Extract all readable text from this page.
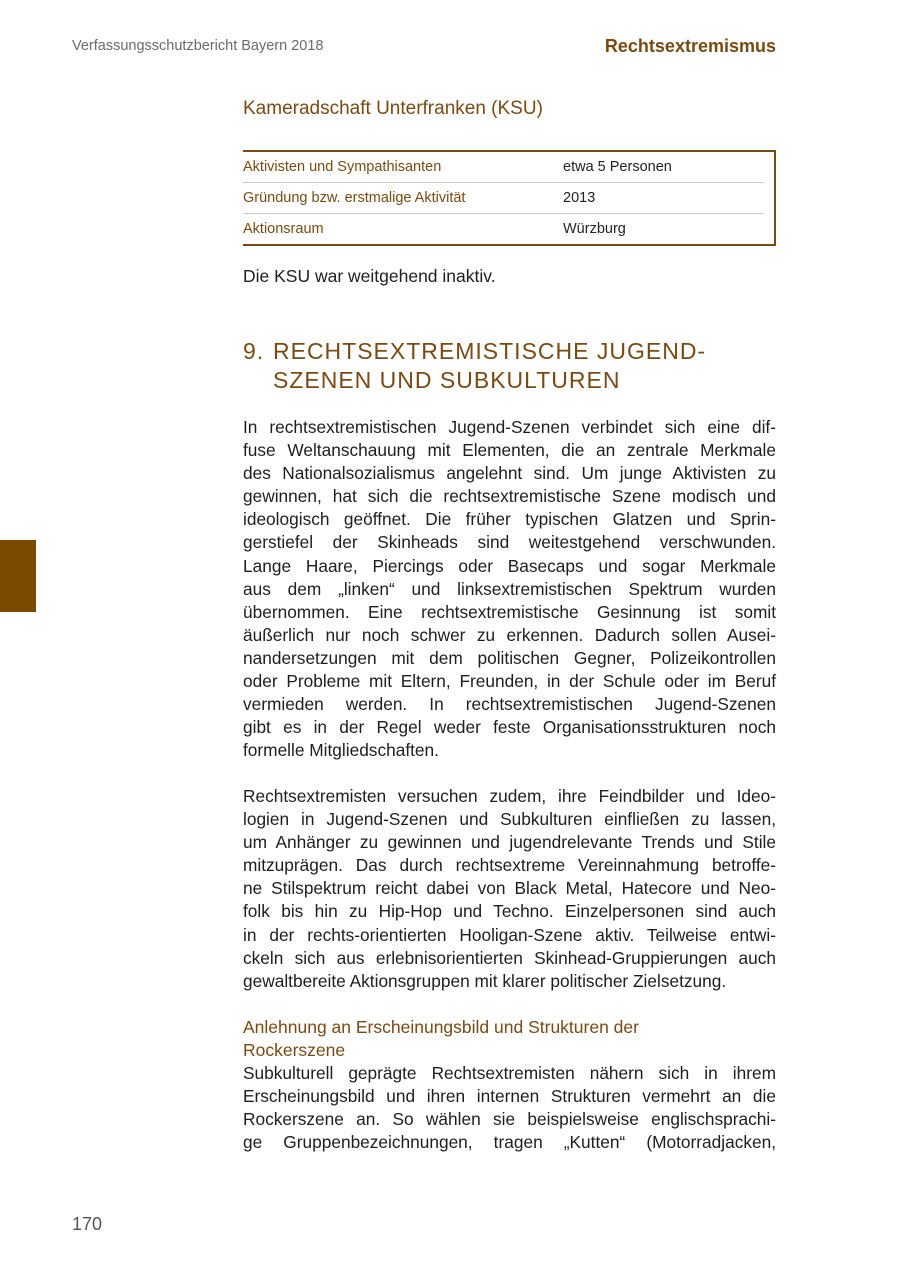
Verfassungsschutzbericht Bayern 2018	Rechtsextremismus
Kameradschaft Unterfranken (KSU)
Aktivisten und Sympathisanten	etwa 5 Personen	
Gründung bzw. erstmalige Aktivität	2013	
Aktionsraum	Würzburg	
Die KSU war weitgehend inaktiv.
9. RECHTSEXTREMISTISCHE JUGEND-
SZENEN UND SUBKULTUREN
In rechtsextremistischen Jugend-Szenen verbindet sich eine dif-
fuse Weltanschauung mit Elementen, die an zentrale Merkmale
des Nationalsozialismus angelehnt sind. Um junge Aktivisten zu
gewinnen, hat sich die rechtsextremistische Szene modisch und
ideologisch geöffnet. Die früher typischen Glatzen und Sprin-
gerstiefel der Skinheads sind weitestgehend verschwunden.
Lange Haare, Piercings oder Basecaps und sogar Merkmale
aus dem „linken“ und linksextremistischen Spektrum wurden
übernommen. Eine rechtsextremistische Gesinnung ist somit
äußerlich nur noch schwer zu erkennen. Dadurch sollen Ausei-
nandersetzungen mit dem politischen Gegner, Polizeikontrollen
oder Probleme mit Eltern, Freunden, in der Schule oder im Beruf
vermieden werden. In rechtsextremistischen Jugend-Szenen
gibt es in der Regel weder feste Organisationsstrukturen noch
formelle Mitgliedschaften.
Rechtsextremisten versuchen zudem, ihre Feindbilder und Ideo-
logien in Jugend-Szenen und Subkulturen einfließen zu lassen,
um Anhänger zu gewinnen und jugendrelevante Trends und Stile
mitzuprägen. Das durch rechtsextreme Vereinnahmung betroffe-
ne Stilspektrum reicht dabei von Black Metal, Hatecore und Neo-
folk bis hin zu Hip-Hop und Techno. Einzelpersonen sind auch
in der rechts-orientierten Hooligan-Szene aktiv. Teilweise entwi-
ckeln sich aus erlebnisorientierten Skinhead-Gruppierungen auch
gewaltbereite Aktionsgruppen mit klarer politischer Zielsetzung.
Anlehnung an Erscheinungsbild und Strukturen der
Rockerszene
Subkulturell geprägte Rechtsextremisten nähern sich in ihrem
Erscheinungsbild und ihren internen Strukturen vermehrt an die
Rockerszene an. So wählen sie beispielsweise englischsprachi-
ge Gruppenbezeichnungen, tragen „Kutten“ (Motorradjacken,
170
